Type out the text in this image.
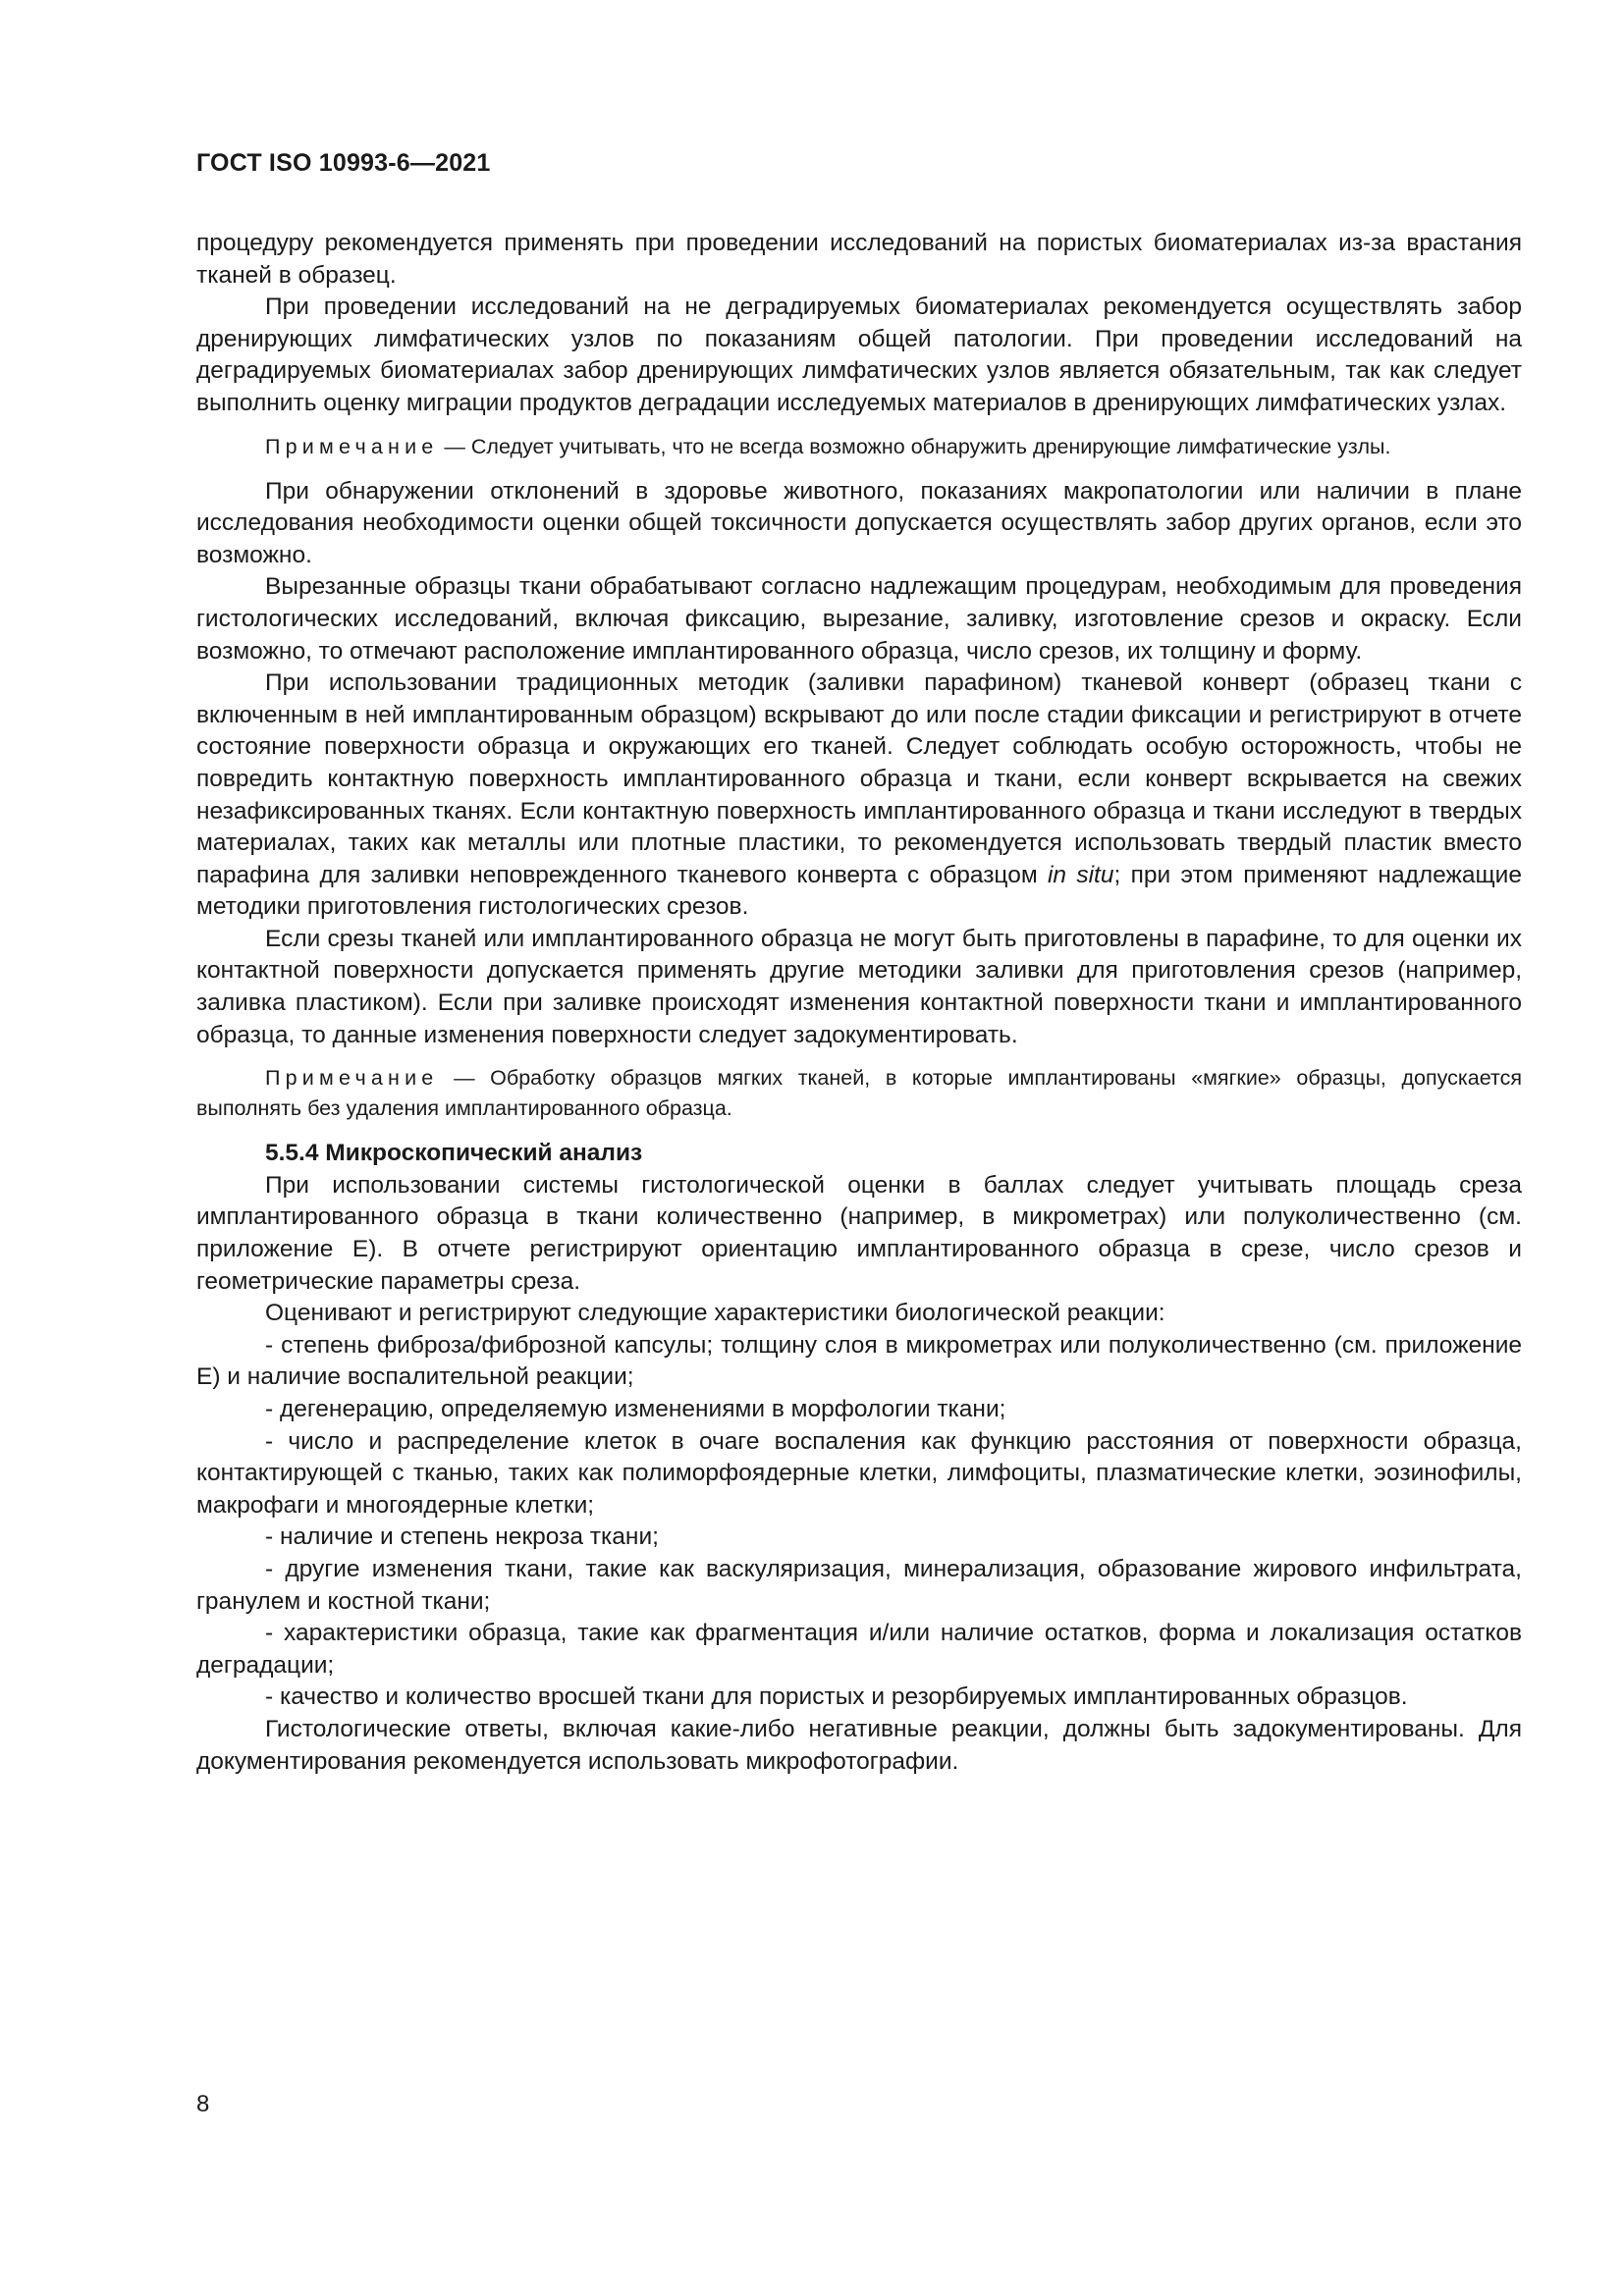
ГОСТ ISO 10993-6—2021

процедуру рекомендуется применять при проведении исследований на пористых биоматериалах из-за врастания тканей в образец.

При проведении исследований на не деградируемых биоматериалах рекомендуется осуществлять забор дренирующих лимфатических узлов по показаниям общей патологии. При проведении исследований на деградируемых биоматериалах забор дренирующих лимфатических узлов является обязательным, так как следует выполнить оценку миграции продуктов деградации исследуемых материалов в дренирующих лимфатических узлах.

Примечание — Следует учитывать, что не всегда возможно обнаружить дренирующие лимфатические узлы.

При обнаружении отклонений в здоровье животного, показаниях макропатологии или наличии в плане исследования необходимости оценки общей токсичности допускается осуществлять забор других органов, если это возможно.

Вырезанные образцы ткани обрабатывают согласно надлежащим процедурам, необходимым для проведения гистологических исследований, включая фиксацию, вырезание, заливку, изготовление срезов и окраску. Если возможно, то отмечают расположение имплантированного образца, число срезов, их толщину и форму.

При использовании традиционных методик (заливки парафином) тканевой конверт (образец ткани с включенным в ней имплантированным образцом) вскрывают до или после стадии фиксации и регистрируют в отчете состояние поверхности образца и окружающих его тканей. Следует соблюдать особую осторожность, чтобы не повредить контактную поверхность имплантированного образца и ткани, если конверт вскрывается на свежих незафиксированных тканях. Если контактную поверхность имплантированного образца и ткани исследуют в твердых материалах, таких как металлы или плотные пластики, то рекомендуется использовать твердый пластик вместо парафина для заливки неповрежденного тканевого конверта с образцом in situ; при этом применяют надлежащие методики приготовления гистологических срезов.

Если срезы тканей или имплантированного образца не могут быть приготовлены в парафине, то для оценки их контактной поверхности допускается применять другие методики заливки для приготовления срезов (например, заливка пластиком). Если при заливке происходят изменения контактной поверхности ткани и имплантированного образца, то данные изменения поверхности следует задокументировать.

Примечание — Обработку образцов мягких тканей, в которые имплантированы «мягкие» образцы, допускается выполнять без удаления имплантированного образца.

5.5.4 Микроскопический анализ

При использовании системы гистологической оценки в баллах следует учитывать площадь среза имплантированного образца в ткани количественно (например, в микрометрах) или полуколичественно (см. приложение Е). В отчете регистрируют ориентацию имплантированного образца в срезе, число срезов и геометрические параметры среза.

Оценивают и регистрируют следующие характеристики биологической реакции:

- степень фиброза/фиброзной капсулы; толщину слоя в микрометрах или полуколичественно (см. приложение Е) и наличие воспалительной реакции;

- дегенерацию, определяемую изменениями в морфологии ткани;

- число и распределение клеток в очаге воспаления как функцию расстояния от поверхности образца, контактирующей с тканью, таких как полиморфоядерные клетки, лимфоциты, плазматические клетки, эозинофилы, макрофаги и многоядерные клетки;

- наличие и степень некроза ткани;

- другие изменения ткани, такие как васкуляризация, минерализация, образование жирового инфильтрата, гранулем и костной ткани;

- характеристики образца, такие как фрагментация и/или наличие остатков, форма и локализация остатков деградации;

- качество и количество вросшей ткани для пористых и резорбируемых имплантированных образцов.

Гистологические ответы, включая какие-либо негативные реакции, должны быть задокументированы. Для документирования рекомендуется использовать микрофотографии.

8
